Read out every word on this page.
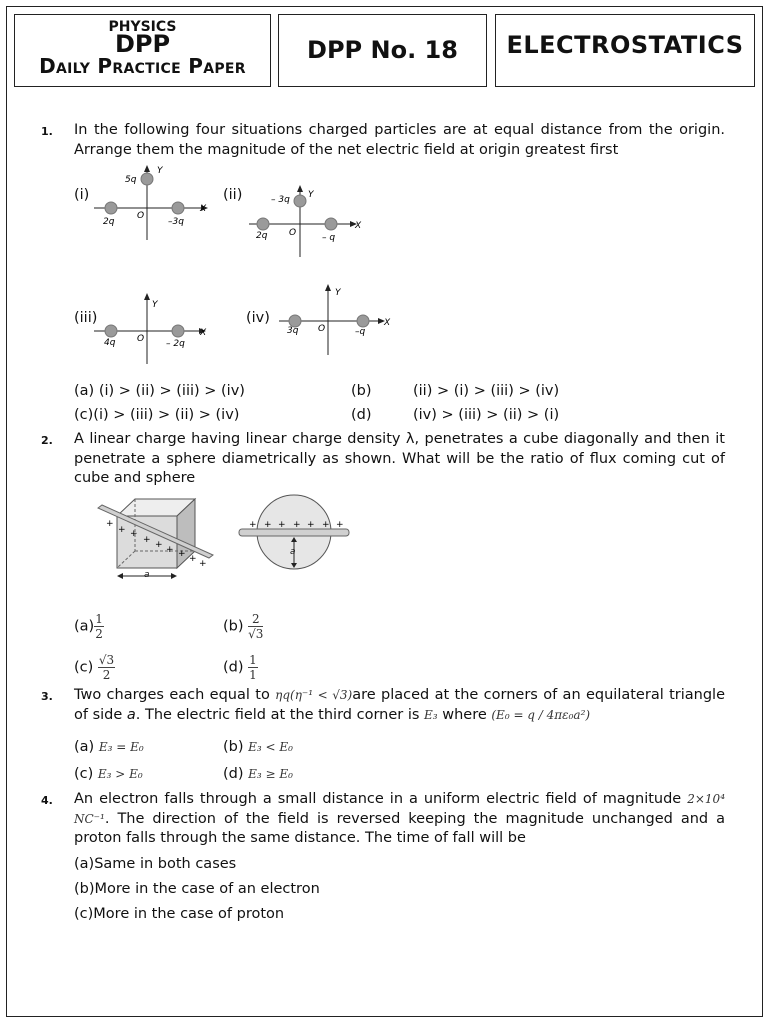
PHYSICS
DPP
Daily Practice Paper
DPP No. 18	ELECTROSTATICS
1. In the following four situations charged particles are at equal distance from the origin. Arrange them the magnitude of the net electric field at origin greatest first
(i)
5q
2q	–3q
O
X
Y
(ii)	– 3q
2q	– q
O
X
Y
(iii)
4q	– 2q
O
X
Y
(iv)
3q	–q
O
X
Y
(a) (i) > (ii) > (iii) > (iv)	(b)	(ii) > (i) > (iii) > (iv)
(c)(i) > (iii) > (ii) > (iv)	(d)	(iv) > (iii) > (ii) > (i)
2. A linear charge having linear charge density λ, penetrates a cube diagonally and then it penetrate a sphere diametrically as shown. What will be the ratio of flux coming cut of cube and sphere
+
+ +
+ + + + + +
a
+ + + + + + +
a
$(a) \frac{1}{2}$	$(b) \frac{2}{√3}$
$(c) \frac{√3}{2}$	$(d) \frac{1}{1}$
3. Two charges each equal to ηq(η⁻¹ < √3)are placed at the corners of an equilateral triangle of side a. The electric field at the third corner is E₃ where (E₀ = q / 4πε₀a²)
(a) E₃ = E₀	(b) E₃ < E₀
(c) E₃ > E₀	(d) E₃ ≥ E₀
4. An electron falls through a small distance in a uniform electric field of magnitude 2×10⁴ NC⁻¹. The direction of the field is reversed keeping the magnitude unchanged and a proton falls through the same distance. The time of fall will be
(a)Same in both cases
(b)More in the case of an electron
(c)More in the case of proton
